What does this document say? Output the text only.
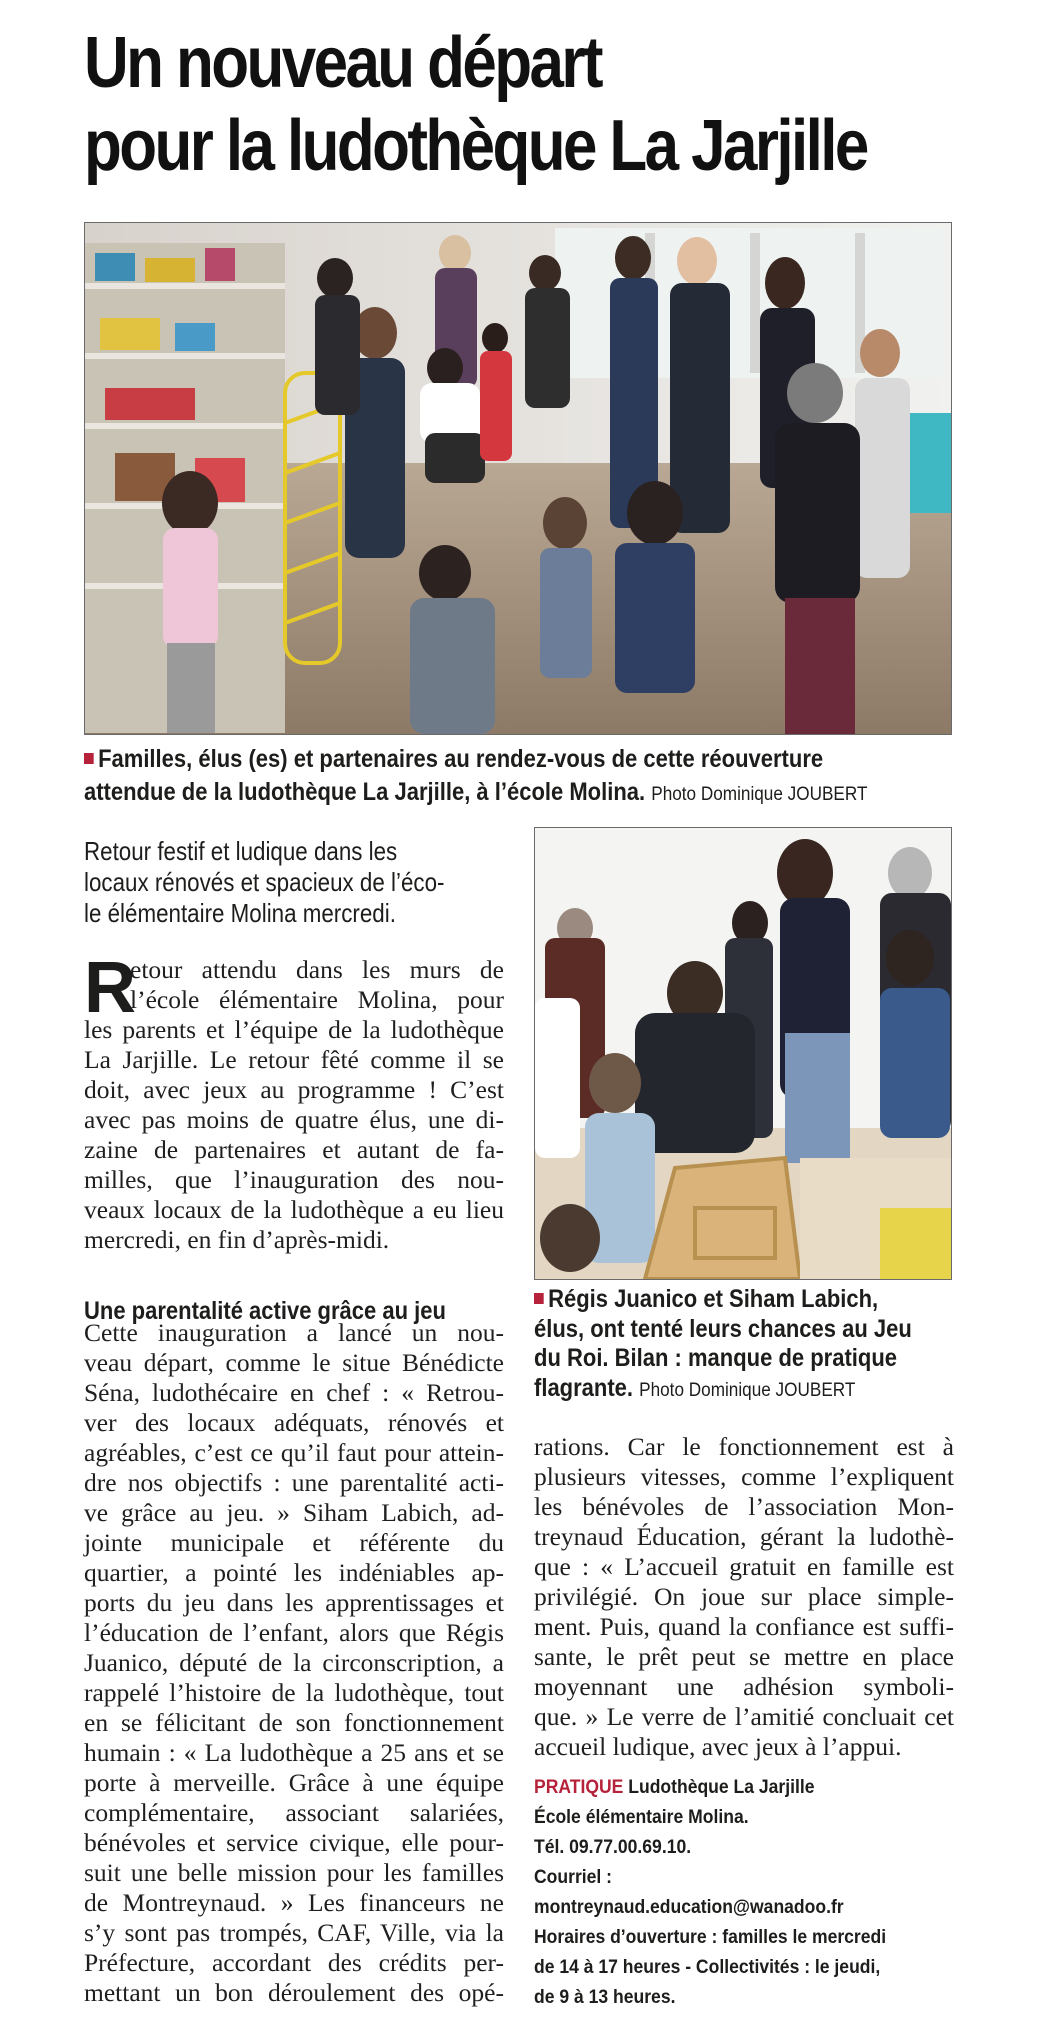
Un nouveau départ
pour la ludothèque La Jarjille
Familles, élus (es) et partenaires au rendez-vous de cette réouverture
attendue de la ludothèque La Jarjille, à l’école Molina. Photo Dominique JOUBERT
Retour festif et ludique dans les
locaux rénovés et spacieux de l’éco-
le élémentaire Molina mercredi.
R
etour attendu dans les murs de
l’école élémentaire Molina, pour
les parents et l’équipe de la ludothèque
La Jarjille. Le retour fêté comme il se
doit, avec jeux au programme ! C’est
avec pas moins de quatre élus, une di-
zaine de partenaires et autant de fa-
milles, que l’inauguration des nou-
veaux locaux de la ludothèque a eu lieu
mercredi, en fin d’après-midi.
Une parentalité active grâce au jeu
Cette inauguration a lancé un nou-
veau départ, comme le situe Bénédicte
Séna, ludothécaire en chef : « Retrou-
ver des locaux adéquats, rénovés et
agréables, c’est ce qu’il faut pour attein-
dre nos objectifs : une parentalité acti-
ve grâce au jeu. » Siham Labich, ad-
jointe municipale et référente du
quartier, a pointé les indéniables ap-
ports du jeu dans les apprentissages et
l’éducation de l’enfant, alors que Régis
Juanico, député de la circonscription, a
rappelé l’histoire de la ludothèque, tout
en se félicitant de son fonctionnement
humain : « La ludothèque a 25 ans et se
porte à merveille. Grâce à une équipe
complémentaire, associant salariées,
bénévoles et service civique, elle pour-
suit une belle mission pour les familles
de Montreynaud. » Les financeurs ne
s’y sont pas trompés, CAF, Ville, via la
Préfecture, accordant des crédits per-
mettant un bon déroulement des opé-
Régis Juanico et Siham Labich,
élus, ont tenté leurs chances au Jeu
du Roi. Bilan : manque de pratique
flagrante. Photo Dominique JOUBERT
rations. Car le fonctionnement est à
plusieurs vitesses, comme l’expliquent
les bénévoles de l’association Mon-
treynaud Éducation, gérant la ludothè-
que : « L’accueil gratuit en famille est
privilégié. On joue sur place simple-
ment. Puis, quand la confiance est suffi-
sante, le prêt peut se mettre en place
moyennant une adhésion symboli-
que. » Le verre de l’amitié concluait cet
accueil ludique, avec jeux à l’appui.
PRATIQUE Ludothèque La Jarjille
École élémentaire Molina.
Tél. 09.77.00.69.10.
Courriel :
montreynaud.education@wanadoo.fr
Horaires d’ouverture : familles le mercredi
de 14 à 17 heures - Collectivités : le jeudi,
de 9 à 13 heures.
